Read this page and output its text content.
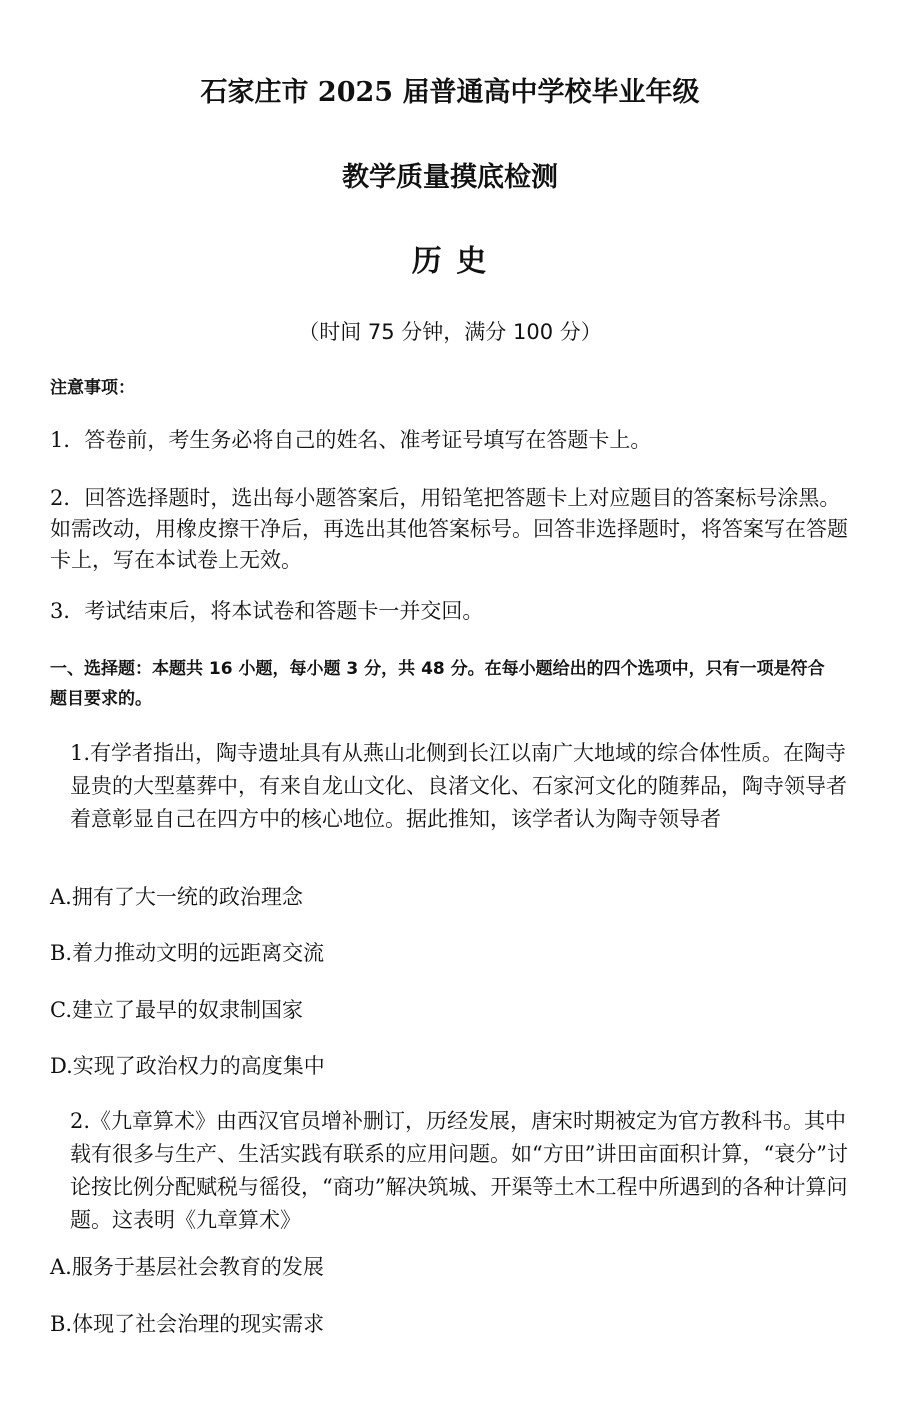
石家庄市 2025 届普通高中学校毕业年级
教学质量摸底检测
历 史
（时间 75 分钟，满分 100 分）
注意事项：
1．答卷前，考生务必将自己的姓名、准考证号填写在答题卡上。
2．回答选择题时，选出每小题答案后，用铅笔把答题卡上对应题目的答案标号涂黑。如需改动，用橡皮擦干净后，再选出其他答案标号。回答非选择题时，将答案写在答题卡上，写在本试卷上无效。
3．考试结束后，将本试卷和答题卡一并交回。
一、选择题：本题共 16 小题，每小题 3 分，共 48 分。在每小题给出的四个选项中，只有一项是符合题目要求的。
1.有学者指出，陶寺遗址具有从燕山北侧到长江以南广大地域的综合体性质。在陶寺显贵的大型墓葬中，有来自龙山文化、良渚文化、石家河文化的随葬品，陶寺领导者着意彰显自己在四方中的核心地位。据此推知，该学者认为陶寺领导者
A.拥有了大一统的政治理念
B.着力推动文明的远距离交流
C.建立了最早的奴隶制国家
D.实现了政治权力的高度集中
2.《九章算术》由西汉官员增补删订，历经发展，唐宋时期被定为官方教科书。其中载有很多与生产、生活实践有联系的应用问题。如“方田”讲田亩面积计算，“衰分”讨论按比例分配赋税与徭役，“商功”解决筑城、开渠等土木工程中所遇到的各种计算问题。这表明《九章算术》
A.服务于基层社会教育的发展
B.体现了社会治理的现实需求
